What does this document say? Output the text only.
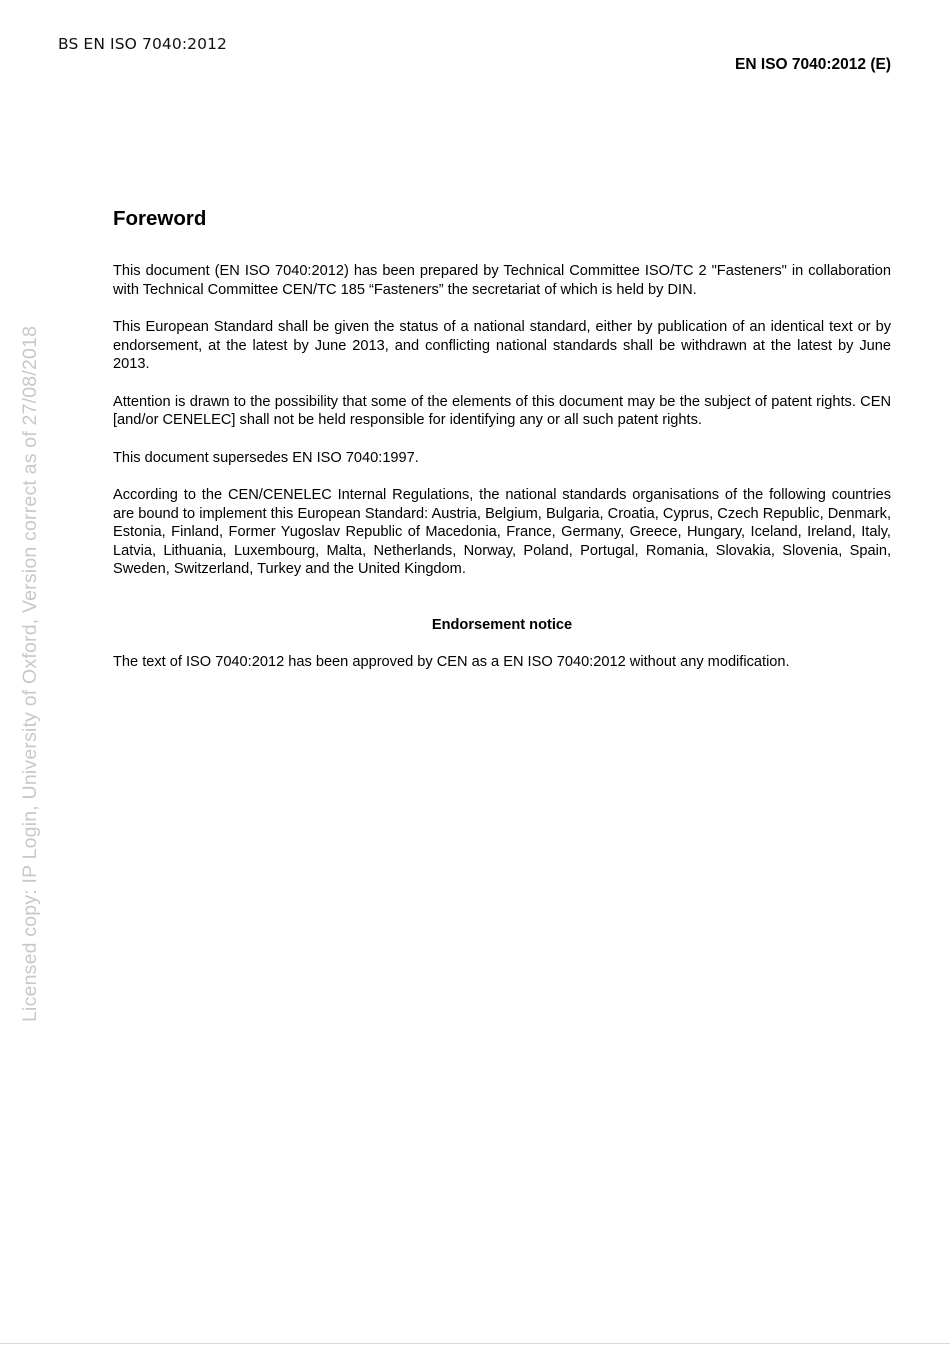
BS EN ISO 7040:2012
EN ISO 7040:2012 (E)
Licensed copy: IP Login, University of Oxford, Version correct as of 27/08/2018
Foreword

This document (EN ISO 7040:2012) has been prepared by Technical Committee ISO/TC 2 "Fasteners" in collaboration with Technical Committee CEN/TC 185 “Fasteners” the secretariat of which is held by DIN.

This European Standard shall be given the status of a national standard, either by publication of an identical text or by endorsement, at the latest by June 2013, and conflicting national standards shall be withdrawn at the latest by June 2013.

Attention is drawn to the possibility that some of the elements of this document may be the subject of patent rights. CEN [and/or CENELEC] shall not be held responsible for identifying any or all such patent rights.

This document supersedes EN ISO 7040:1997.

According to the CEN/CENELEC Internal Regulations, the national standards organisations of the following countries are bound to implement this European Standard: Austria, Belgium, Bulgaria, Croatia, Cyprus, Czech Republic, Denmark, Estonia, Finland, Former Yugoslav Republic of Macedonia, France, Germany, Greece, Hungary, Iceland, Ireland, Italy, Latvia, Lithuania, Luxembourg, Malta, Netherlands, Norway, Poland, Portugal, Romania, Slovakia, Slovenia, Spain, Sweden, Switzerland, Turkey and the United Kingdom.

Endorsement notice

The text of ISO 7040:2012 has been approved by CEN as a EN ISO 7040:2012 without any modification.
